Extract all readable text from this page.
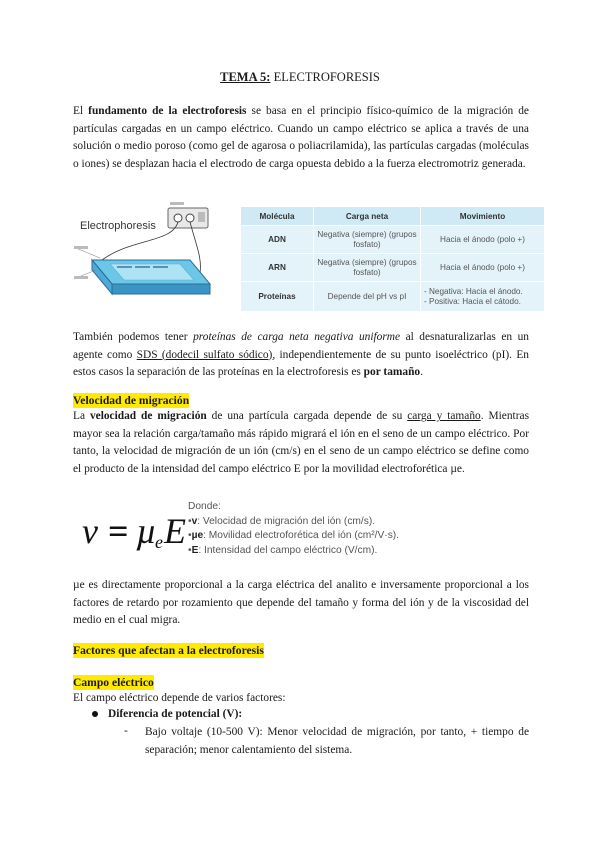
TEMA 5: ELECTROFORESIS

El fundamento de la electroforesis se basa en el principio físico-químico de la migración de partículas cargadas en un campo eléctrico. Cuando un campo eléctrico se aplica a través de una solución o medio poroso (como gel de agarosa o poliacrilamida), las partículas cargadas (moléculas o iones) se desplazan hacia el electrodo de carga opuesta debido a la fuerza electromotriz generada.

Electrophoresis
Molécula	Carga neta	Movimiento
ADN	Negativa (siempre) (grupos fosfato)	Hacia el ánodo (polo +)
ARN	Negativa (siempre) (grupos fosfato)	Hacia el ánodo (polo +)
Proteínas	Depende del pH vs pI	- Negativa: Hacia el ánodo.
- Positiva: Hacia el cátodo.

También podemos tener proteínas de carga neta negativa uniforme al desnaturalizarlas en un agente como SDS (dodecil sulfato sódico), independientemente de su punto isoeléctrico (pI). En estos casos la separación de las proteínas en la electroforesis es por tamaño.

Velocidad de migración

La velocidad de migración de una partícula cargada depende de su carga y tamaño. Mientras mayor sea la relación carga/tamaño más rápido migrará el ión en el seno de un campo eléctrico. Por tanto, la velocidad de migración de un ión (cm/s) en el seno de un campo eléctrico se define como el producto de la intensidad del campo eléctrico E por la movilidad electroforética µe.

v = µ
e E
Donde:
•v: Velocidad de migración del ión (cm/s).
•µe: Movilidad electroforética del ión (cm²/V·s).
•E: Intensidad del campo eléctrico (V/cm).

µe es directamente proporcional a la carga eléctrica del analito e inversamente proporcional a los factores de retardo por rozamiento que depende del tamaño y forma del ión y de la viscosidad del medio en el cual migra.

Factores que afectan a la electroforesis

Campo eléctrico

El campo eléctrico depende de varios factores:

Diferencia de potencial (V):

-	Bajo voltaje (10-500 V): Menor velocidad de migración, por tanto, + tiempo de separación; menor calentamiento del sistema.
